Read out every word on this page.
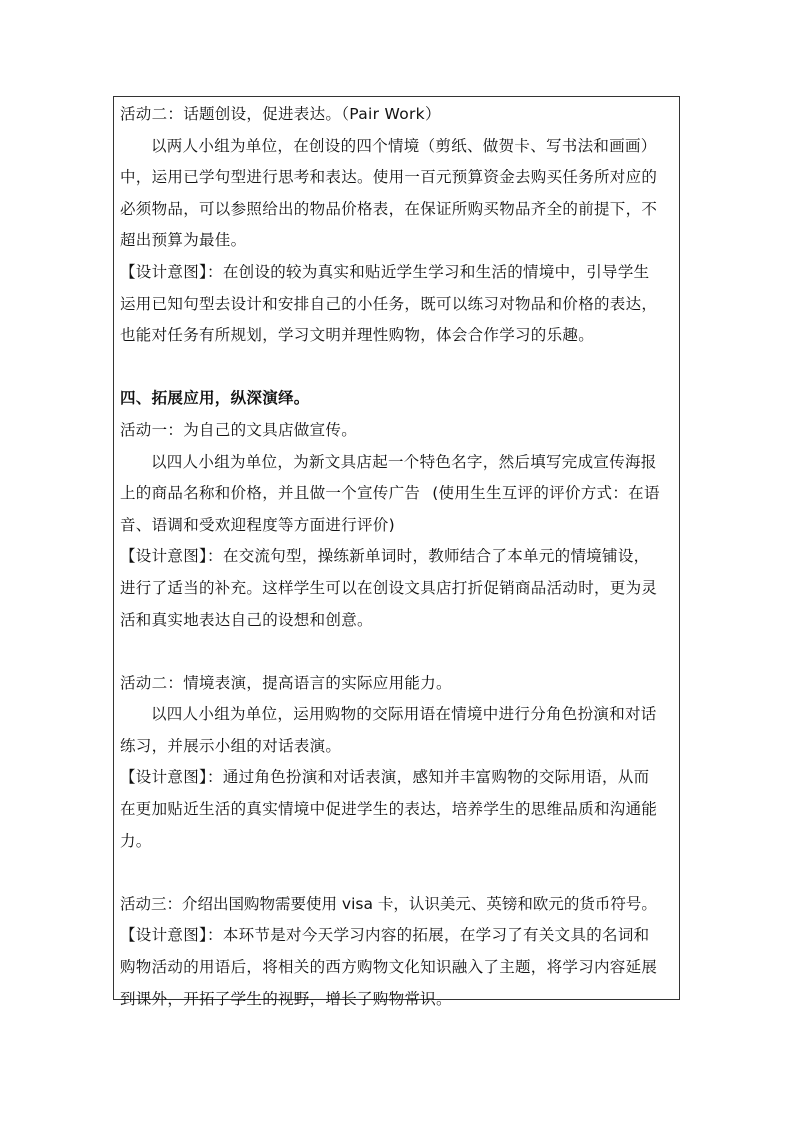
活动二：话题创设，促进表达。（Pair Work）
以两人小组为单位，在创设的四个情境（剪纸、做贺卡、写书法和画画）
中，运用已学句型进行思考和表达。使用一百元预算资金去购买任务所对应的
必须物品，可以参照给出的物品价格表，在保证所购买物品齐全的前提下，不
超出预算为最佳。
【设计意图】：在创设的较为真实和贴近学生学习和生活的情境中，引导学生
运用已知句型去设计和安排自己的小任务，既可以练习对物品和价格的表达，
也能对任务有所规划，学习文明并理性购物，体会合作学习的乐趣。
四、拓展应用，纵深演绎。
活动一：为自己的文具店做宣传。
以四人小组为单位，为新文具店起一个特色名字，然后填写完成宣传海报
上的商品名称和价格，并且做一个宣传广告 (使用生生互评的评价方式：在语
音、语调和受欢迎程度等方面进行评价)
【设计意图】：在交流句型，操练新单词时，教师结合了本单元的情境铺设，
进行了适当的补充。这样学生可以在创设文具店打折促销商品活动时，更为灵
活和真实地表达自己的设想和创意。
活动二：情境表演，提高语言的实际应用能力。
以四人小组为单位，运用购物的交际用语在情境中进行分角色扮演和对话
练习，并展示小组的对话表演。
【设计意图】：通过角色扮演和对话表演，感知并丰富购物的交际用语，从而
在更加贴近生活的真实情境中促进学生的表达，培养学生的思维品质和沟通能
力。
活动三：介绍出国购物需要使用 visa 卡，认识美元、英镑和欧元的货币符号。
【设计意图】：本环节是对今天学习内容的拓展，在学习了有关文具的名词和
购物活动的用语后，将相关的西方购物文化知识融入了主题，将学习内容延展
到课外，开拓了学生的视野，增长了购物常识。
